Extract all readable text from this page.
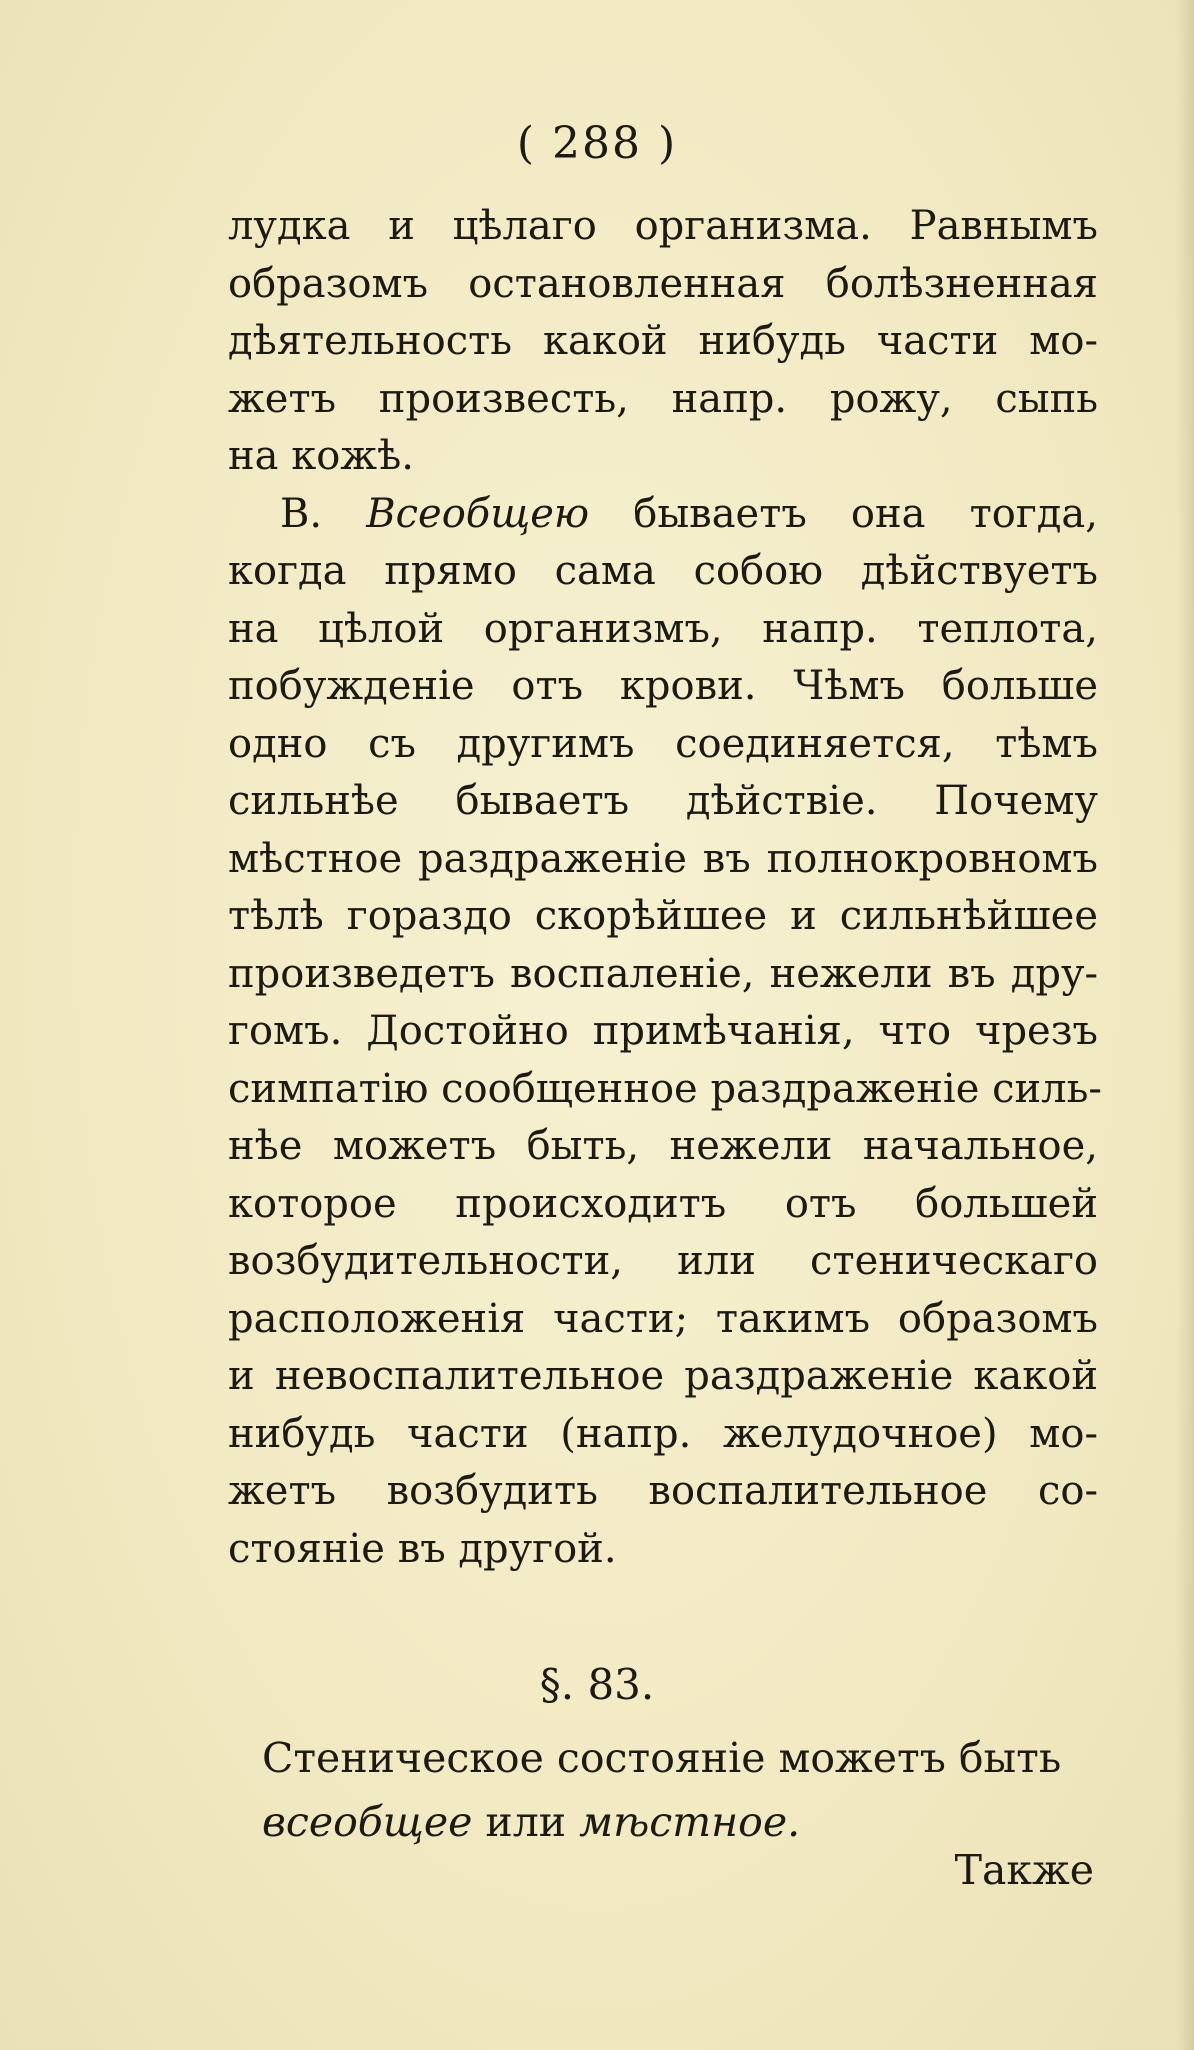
( 288 )
лудка и цѣлаго организма. Равнымъ
образомъ остановленная болѣзненная
дѣятельность какой нибудь части мо-
жетъ произвесть, напр. рожу, сыпь
на кожѣ.
В. Всеобщею бываетъ она тогда,
когда прямо сама собою дѣйствуетъ
на цѣлой организмъ, напр. теплота,
побужденіе отъ крови. Чѣмъ больше
одно съ другимъ соединяется, тѣмъ
сильнѣе бываетъ дѣйствіе. Почему
мѣстное раздраженіе въ полнокровномъ
тѣлѣ гораздо скорѣйшее и сильнѣйшее
произведетъ воспаленіе, нежели въ дру-
гомъ. Достойно примѣчанія, что чрезъ
симпатію сообщенное раздраженіе силь-
нѣе можетъ быть, нежели начальное,
которое происходитъ отъ большей
возбудительности, или стеническаго
расположенія части; такимъ образомъ
и невоспалительное раздраженіе какой
нибудь части (напр. желудочное) мо-
жетъ возбудить воспалительное со-
стояніе въ другой.
§. 83.
Стеническое состояніе можетъ быть
всеобщее или мѣстное.
Также
